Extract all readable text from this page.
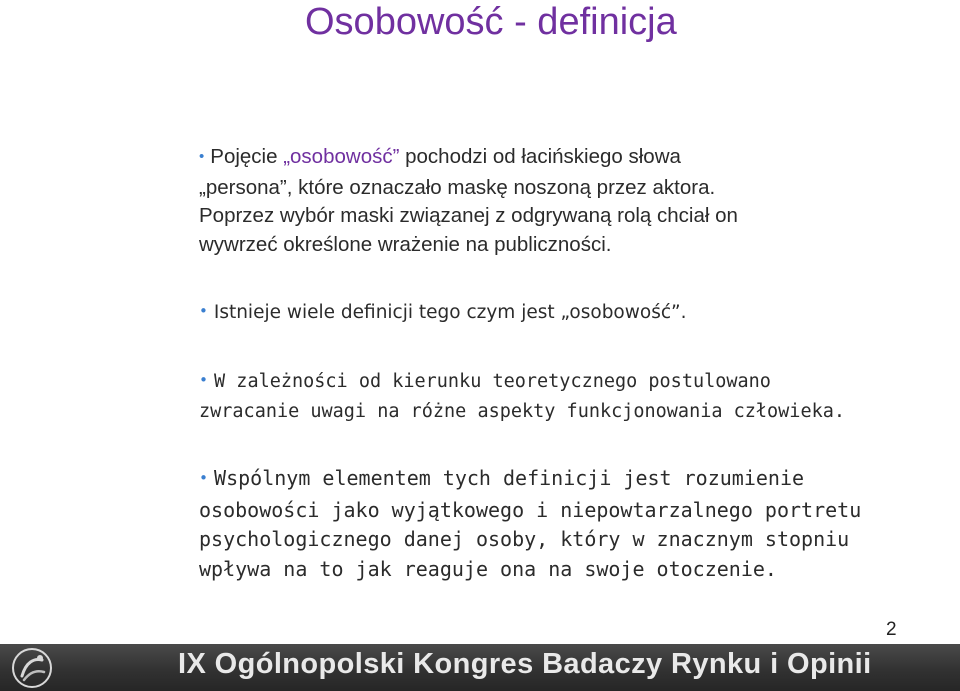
Osobowość - definicja
• Pojęcie „osobowość” pochodzi od łacińskiego słowa
„persona”, które oznaczało maskę noszoną przez aktora.
Poprzez wybór maski związanej z odgrywaną rolą chciał on
wywrzeć określone wrażenie na publiczności.
• Istnieje wiele definicji tego czym jest „osobowość”.
• W zależności od kierunku teoretycznego postulowano
zwracanie uwagi na różne aspekty funkcjonowania człowieka.
• Wspólnym elementem tych definicji jest rozumienie
osobowości jako wyjątkowego i niepowtarzalnego portretu
psychologicznego danej osoby, który w znacznym stopniu
wpływa na to jak reaguje ona na swoje otoczenie.
2
IX Ogólnopolski Kongres Badaczy Rynku i Opinii
